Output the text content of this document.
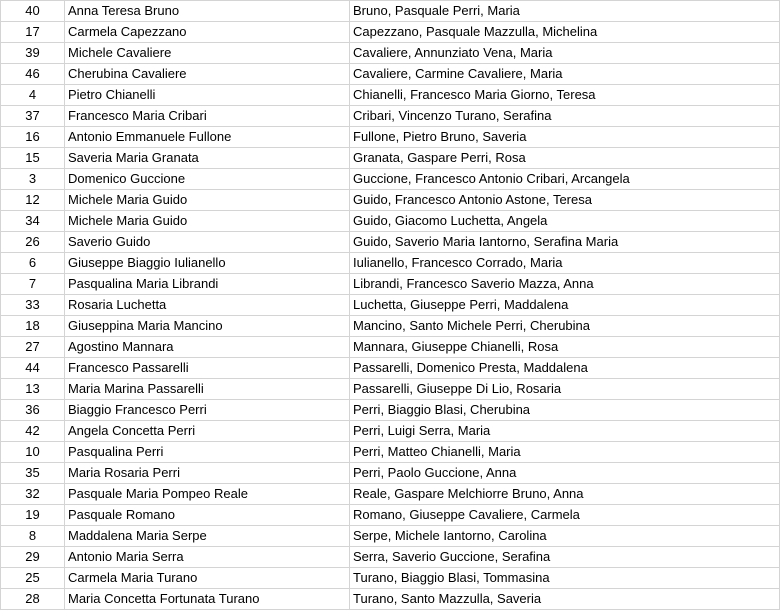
40	Anna Teresa Bruno	Bruno, Pasquale Perri, Maria
17	Carmela Capezzano	Capezzano, Pasquale Mazzulla, Michelina
39	Michele Cavaliere	Cavaliere, Annunziato Vena, Maria
46	Cherubina Cavaliere	Cavaliere, Carmine Cavaliere, Maria
4	Pietro Chianelli	Chianelli, Francesco Maria Giorno, Teresa
37	Francesco Maria Cribari	Cribari, Vincenzo Turano, Serafina
16	Antonio Emmanuele Fullone	Fullone, Pietro Bruno, Saveria
15	Saveria Maria Granata	Granata, Gaspare Perri, Rosa
3	Domenico Guccione	Guccione, Francesco Antonio Cribari, Arcangela
12	Michele Maria Guido	Guido, Francesco Antonio Astone, Teresa
34	Michele Maria Guido	Guido, Giacomo Luchetta, Angela
26	Saverio Guido	Guido, Saverio Maria Iantorno, Serafina Maria
6	Giuseppe Biaggio Iulianello	Iulianello, Francesco Corrado, Maria
7	Pasqualina Maria Librandi	Librandi, Francesco Saverio Mazza, Anna
33	Rosaria Luchetta	Luchetta, Giuseppe Perri, Maddalena
18	Giuseppina Maria Mancino	Mancino, Santo Michele Perri, Cherubina
27	Agostino Mannara	Mannara, Giuseppe Chianelli, Rosa
44	Francesco Passarelli	Passarelli, Domenico Presta, Maddalena
13	Maria Marina Passarelli	Passarelli, Giuseppe Di Lio, Rosaria
36	Biaggio Francesco Perri	Perri, Biaggio Blasi, Cherubina
42	Angela Concetta Perri	Perri, Luigi Serra, Maria
10	Pasqualina Perri	Perri, Matteo Chianelli, Maria
35	Maria Rosaria Perri	Perri, Paolo Guccione, Anna
32	Pasquale Maria Pompeo Reale	Reale, Gaspare Melchiorre Bruno, Anna
19	Pasquale Romano	Romano, Giuseppe Cavaliere, Carmela
8	Maddalena Maria Serpe	Serpe, Michele Iantorno, Carolina
29	Antonio Maria Serra	Serra, Saverio Guccione, Serafina
25	Carmela Maria Turano	Turano, Biaggio Blasi, Tommasina
28	Maria Concetta Fortunata Turano	Turano, Santo Mazzulla, Saveria
